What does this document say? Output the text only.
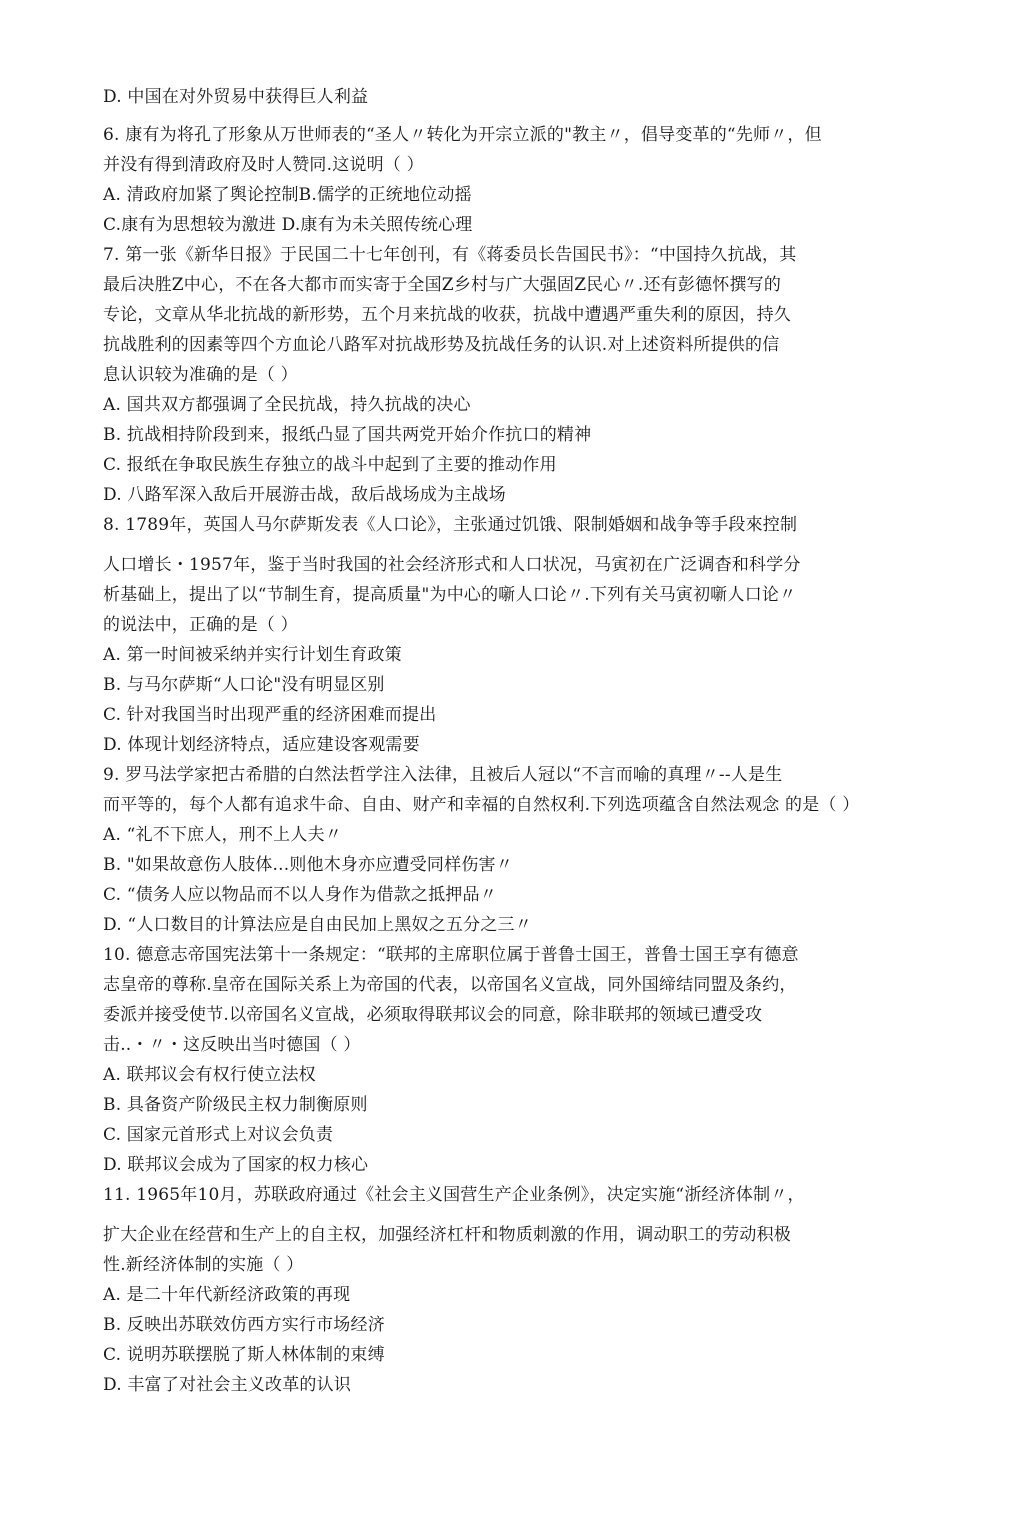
D. 中国在对外贸易中获得巨人利益
6. 康有为将孔了形象从万世师表的“圣人〃转化为开宗立派的"教主〃，倡导变革的“先师〃，但
并没有得到清政府及时人赞同.这说明（ ）
A. 清政府加紧了舆论控制B.儒学的正统地位动摇
C.康有为思想较为激进 D.康有为未关照传统心理
7. 第一张《新华日报》于民国二十七年创刊，有《蒋委员长告国民书》：“中国持久抗战，其
最后决胜Z中心，不在各大都市而实寄于全国Z乡村与广大强固Z民心〃.还有彭德怀撰写的
专论，文章从华北抗战的新形势，五个月来抗战的收获，抗战中遭遇严重失利的原因，持久
抗战胜利的因素等四个方血论八路军对抗战形势及抗战任务的认识.对上述资料所提供的信
息认识较为准确的是（ ）
A. 国共双方都强调了全民抗战，持久抗战的决心
B. 抗战相持阶段到来，报纸凸显了国共两党开始介作抗口的精神
C. 报纸在争取民族生存独立的战斗中起到了主要的推动作用
D. 八路军深入敌后开展游击战，敌后战场成为主战场
8. 1789年，英国人马尔萨斯发表《人口论》，主张通过饥饿、限制婚姻和战争等手段來控制
人口增长・1957年，鉴于当时我国的社会经济形式和人口状况，马寅初在广泛调杳和科学分
析基础上，提出了以“节制生育，提高质量"为中心的噺人口论〃.下列有关马寅初噺人口论〃
的说法中，正确的是（ ）
A. 第一时间被采纳并实行计划生育政策
B. 与马尔萨斯“人口论"没有明显区别
C. 针对我国当时出现严重的经济困难而提出
D. 体现计划经济特点，适应建设客观需要
9. 罗马法学家把古希腊的白然法哲学注入法律，且被后人冠以“不言而喻的真理〃--人是生
而平等的，每个人都有追求牛命、自由、财产和幸福的自然权利.下列选项蕴含自然法观念 的是（ ）
A. “礼不下庶人，刑不上人夫〃
B. "如果故意伤人肢体...则他木身亦应遭受同样伤害〃
C. “债务人应以物品而不以人身作为借款之抵押品〃
D. “人口数目的计算法应是自由民加上黑奴之五分之三〃
10. 德意志帝国宪法第十一条规定：“联邦的主席职位属于普鲁士国王，普鲁士国王享有德意
志皇帝的尊称.皇帝在国际关系上为帝国的代表，以帝国名义宣战，同外国缔结同盟及条约，
委派并接受使节.以帝国名义宣战，必须取得联邦议会的同意，除非联邦的领域已遭受攻
击..・〃・这反映出当吋德国（ ）
A. 联邦议会有权行使立法权
B. 具备资产阶级民主权力制衡原则
C. 国家元首形式上对议会负责
D. 联邦议会成为了国家的权力核心
11. 1965年10月，苏联政府通过《社会主义国营生产企业条例》，决定实施“浙经济体制〃，
扩大企业在经营和生产上的自主权，加强经济杠杆和物质刺激的作用，调动职工的劳动积极
性.新经济体制的实施（ ）
A. 是二十年代新经济政策的再现
B. 反映出苏联效仿西方实行市场经济
C. 说明苏联摆脱了斯人林体制的束缚
D. 丰富了对社会主义改革的认识
